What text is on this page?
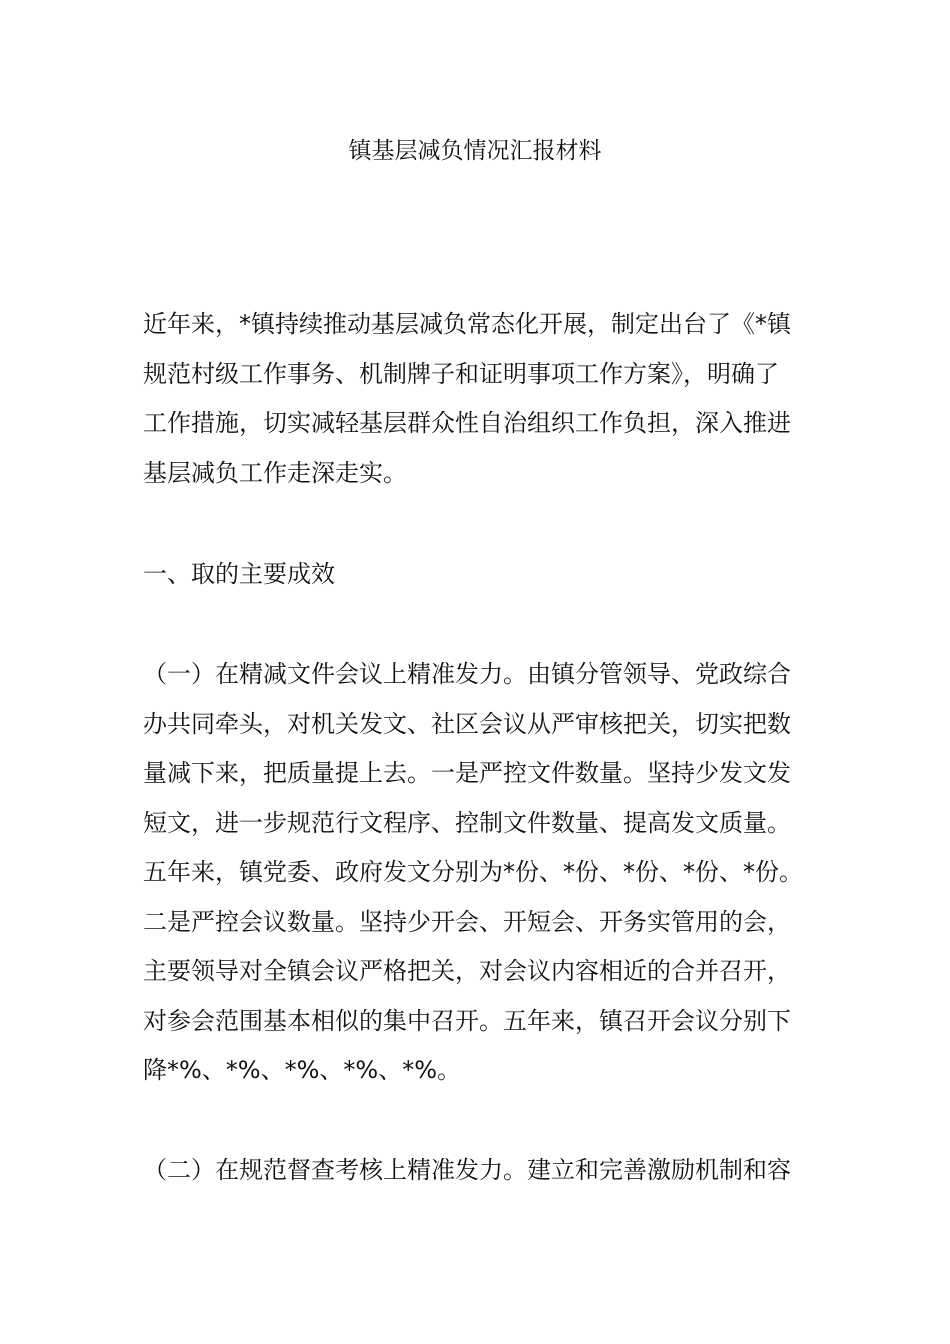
镇基层减负情况汇报材料

近年来，*镇持续推动基层减负常态化开展，制定出台了《*镇
规范村级工作事务、机制牌子和证明事项工作方案》，明确了
工作措施，切实减轻基层群众性自治组织工作负担，深入推进
基层减负工作走深走实。

一、取的主要成效

（一）在精减文件会议上精准发力。由镇分管领导、党政综合
办共同牵头，对机关发文、社区会议从严审核把关，切实把数
量减下来，把质量提上去。一是严控文件数量。坚持少发文发
短文，进一步规范行文程序、控制文件数量、提高发文质量。
五年来，镇党委、政府发文分别为*份、*份、*份、*份、*份。
二是严控会议数量。坚持少开会、开短会、开务实管用的会，
主要领导对全镇会议严格把关，对会议内容相近的合并召开，
对参会范围基本相似的集中召开。五年来，镇召开会议分别下
降*%、*%、*%、*%、*%。

（二）在规范督查考核上精准发力。建立和完善激励机制和容
